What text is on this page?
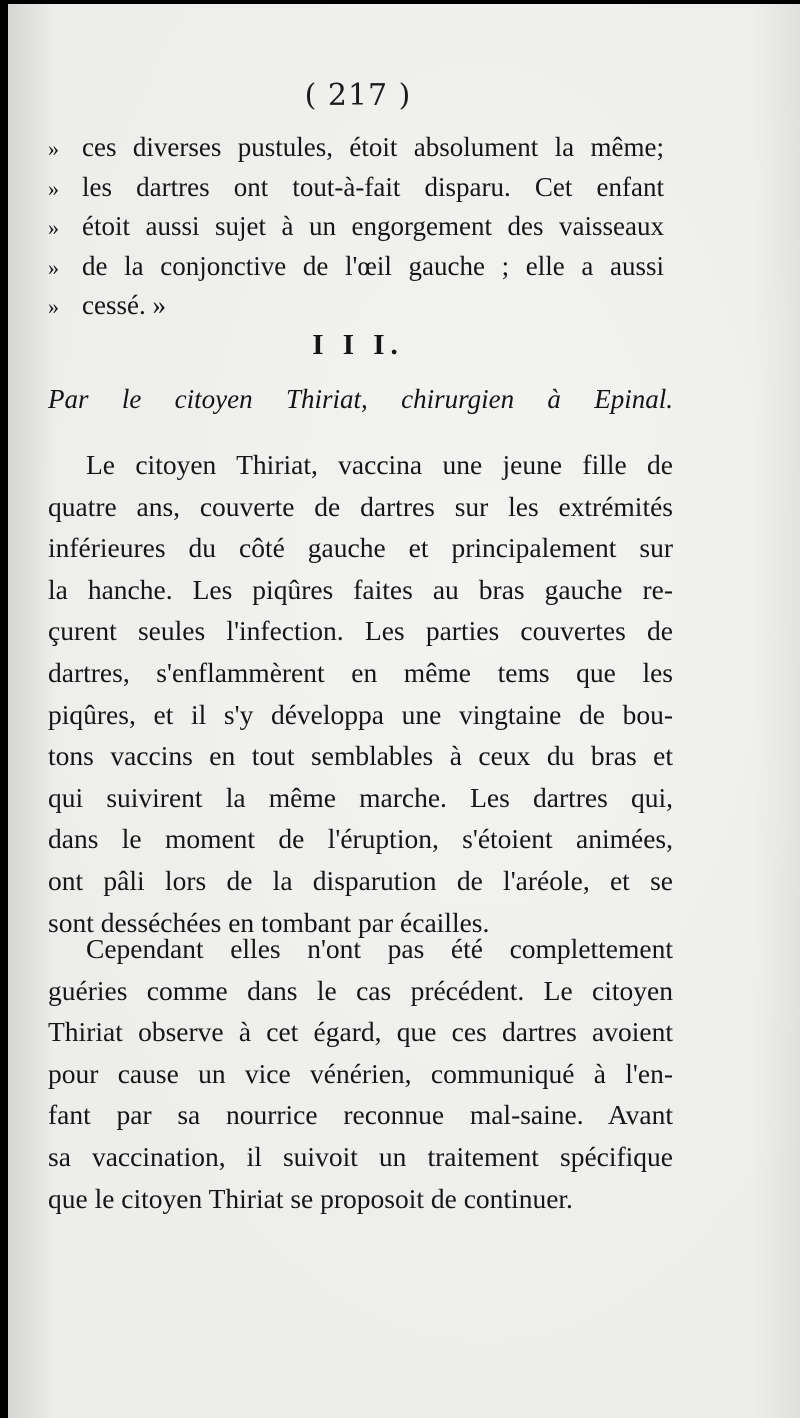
( 217 )
» ces diverses pustules, étoit absolument la même;
» les dartres ont tout-à-fait disparu. Cet enfant
» étoit aussi sujet à un engorgement des vaisseaux
» de la conjonctive de l'œil gauche ; elle a aussi
» cessé. »
I I I.
Par le citoyen Thiriat, chirurgien à Epinal.
Le citoyen Thiriat, vaccina une jeune fille de
quatre ans, couverte de dartres sur les extrémités
inférieures du côté gauche et principalement sur
la hanche. Les piqûres faites au bras gauche re-
çurent seules l'infection. Les parties couvertes de
dartres, s'enflammèrent en même tems que les
piqûres, et il s'y développa une vingtaine de bou-
tons vaccins en tout semblables à ceux du bras et
qui suivirent la même marche. Les dartres qui,
dans le moment de l'éruption, s'étoient animées,
ont pâli lors de la disparution de l'aréole, et se
sont desséchées en tombant par écailles.
Cependant elles n'ont pas été complettement
guéries comme dans le cas précédent. Le citoyen
Thiriat observe à cet égard, que ces dartres avoient
pour cause un vice vénérien, communiqué à l'en-
fant par sa nourrice reconnue mal-saine. Avant
sa vaccination, il suivoit un traitement spécifique
que le citoyen Thiriat se proposoit de continuer.
